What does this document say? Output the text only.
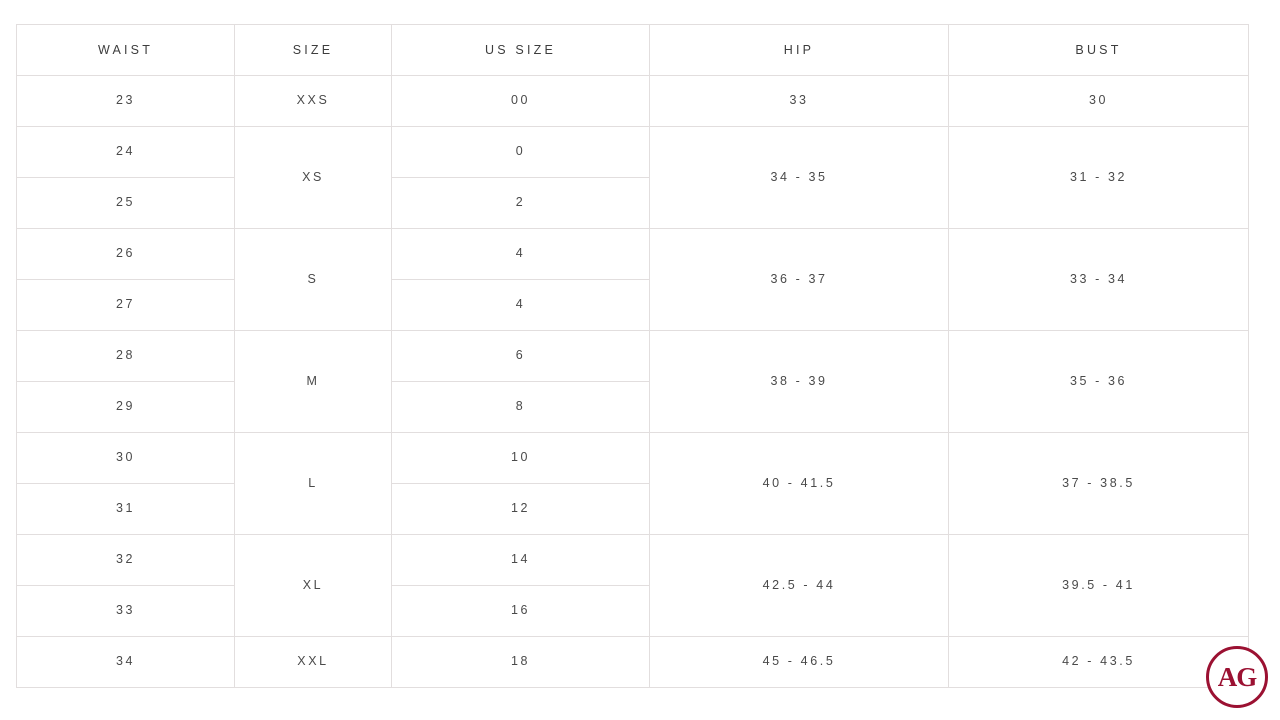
WAIST	SIZE	US SIZE	HIP	BUST
23	XXS	00	33	30
24	XS	0	34 - 35	31 - 32
25		2		
26	S	4	36 - 37	33 - 34
27		4		
28	M	6	38 - 39	35 - 36
29		8		
30	L	10	40 - 41.5	37 - 38.5
31		12		
32	XL	14	42.5 - 44	39.5 - 41
33		16		
34	XXL	18	45 - 46.5	42 - 43.5
AG
